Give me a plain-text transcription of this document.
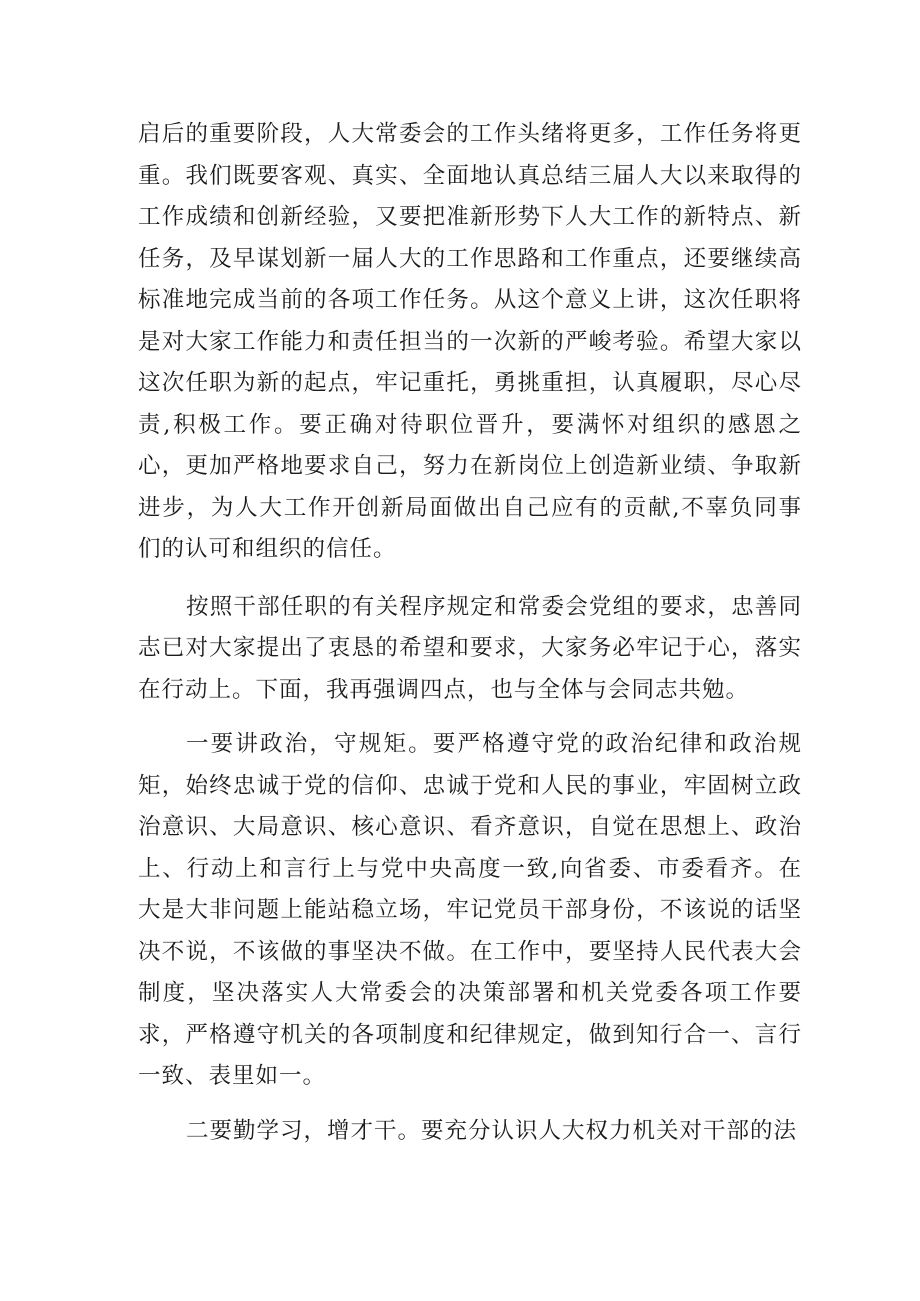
启后的重要阶段，人大常委会的工作头绪将更多，工作任务将更重。我们既要客观、真实、全面地认真总结三届人大以来取得的工作成绩和创新经验，又要把准新形势下人大工作的新特点、新任务，及早谋划新一届人大的工作思路和工作重点，还要继续高标准地完成当前的各项工作任务。从这个意义上讲，这次任职将是对大家工作能力和责任担当的一次新的严峻考验。希望大家以这次任职为新的起点，牢记重托，勇挑重担，认真履职，尽心尽责,积极工作。要正确对待职位晋升，要满怀对组织的感恩之心，更加严格地要求自己，努力在新岗位上创造新业绩、争取新进步，为人大工作开创新局面做出自己应有的贡献,不辜负同事们的认可和组织的信任。

按照干部任职的有关程序规定和常委会党组的要求，忠善同志已对大家提出了衷恳的希望和要求，大家务必牢记于心，落实在行动上。下面，我再强调四点，也与全体与会同志共勉。

一要讲政治，守规矩。要严格遵守党的政治纪律和政治规矩，始终忠诚于党的信仰、忠诚于党和人民的事业，牢固树立政治意识、大局意识、核心意识、看齐意识，自觉在思想上、政治上、行动上和言行上与党中央高度一致,向省委、市委看齐。在大是大非问题上能站稳立场，牢记党员干部身份，不该说的话坚决不说，不该做的事坚决不做。在工作中，要坚持人民代表大会制度，坚决落实人大常委会的决策部署和机关党委各项工作要求，严格遵守机关的各项制度和纪律规定，做到知行合一、言行一致、表里如一。

二要勤学习，增才干。要充分认识人大权力机关对干部的法
